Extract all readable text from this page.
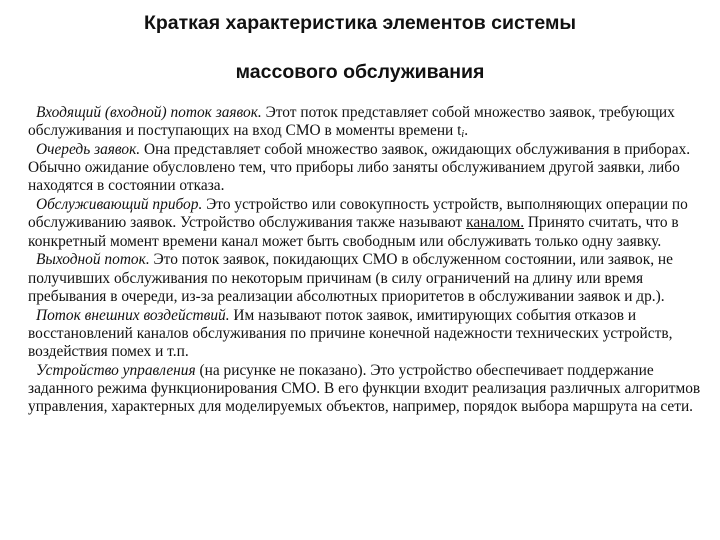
Краткая характеристика элементов системы
массового обслуживания

Входящий (входной) поток заявок. Этот поток представляет собой множество заявок, требующих обслуживания и поступающих на вход СМО в моменты времени $t_i$.

Очередь заявок. Она представляет собой множество заявок, ожидающих обслуживания в приборах. Обычно ожидание обусловлено тем, что приборы либо заняты обслуживанием другой заявки, либо находятся в состоянии отказа.

Обслуживающий прибор. Это устройство или совокупность устройств, выполняющих операции по обслуживанию заявок. Устройство обслуживания также называют каналом. Принято считать, что в конкретный момент времени канал может быть свободным или обслуживать только одну заявку.

Выходной поток. Это поток заявок, покидающих СМО в обслуженном состоянии, или заявок, не получивших обслуживания по некоторым причинам (в силу ограничений на длину или время пребывания в очереди, из-за реализации абсолютных приоритетов в обслуживании заявок и др.).

Поток внешних воздействий. Им называют поток заявок, имитирующих события отказов и восстановлений каналов обслуживания по причине конечной надежности технических устройств, воздействия помех и т.п.

Устройство управления (на рисунке не показано). Это устройство обеспечивает поддержание заданного режима функционирования СМО. В его функции входит реализация различных алгоритмов управления, характерных для моделируемых объектов, например, порядок выбора маршрута на сети.
